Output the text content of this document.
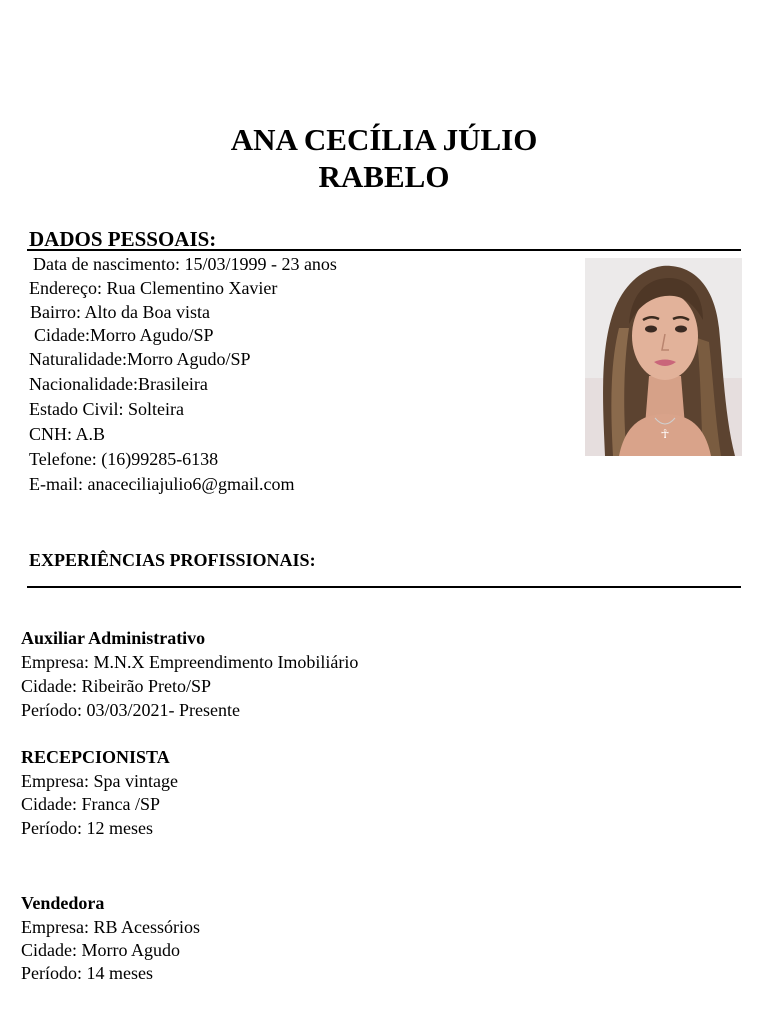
ANA CECÍLIA JÚLIO
RABELO
DADOS PESSOAIS:
Data de nascimento: 15/03/1999 - 23 anos
Endereço: Rua Clementino Xavier
Bairro: Alto da Boa vista
Cidade:Morro Agudo/SP
Naturalidade:Morro Agudo/SP
Nacionalidade:Brasileira
Estado Civil: Solteira
CNH: A.B
Telefone: (16)99285-6138
E-mail: anaceciliajulio6@gmail.com
☥
EXPERIÊNCIAS PROFISSIONAIS:
Auxiliar Administrativo
Empresa: M.N.X Empreendimento Imobiliário
Cidade: Ribeirão Preto/SP
Período: 03/03/2021- Presente
RECEPCIONISTA
Empresa: Spa vintage
Cidade: Franca /SP
Período: 12 meses
Vendedora
Empresa: RB Acessórios
Cidade: Morro Agudo
Período: 14 meses
